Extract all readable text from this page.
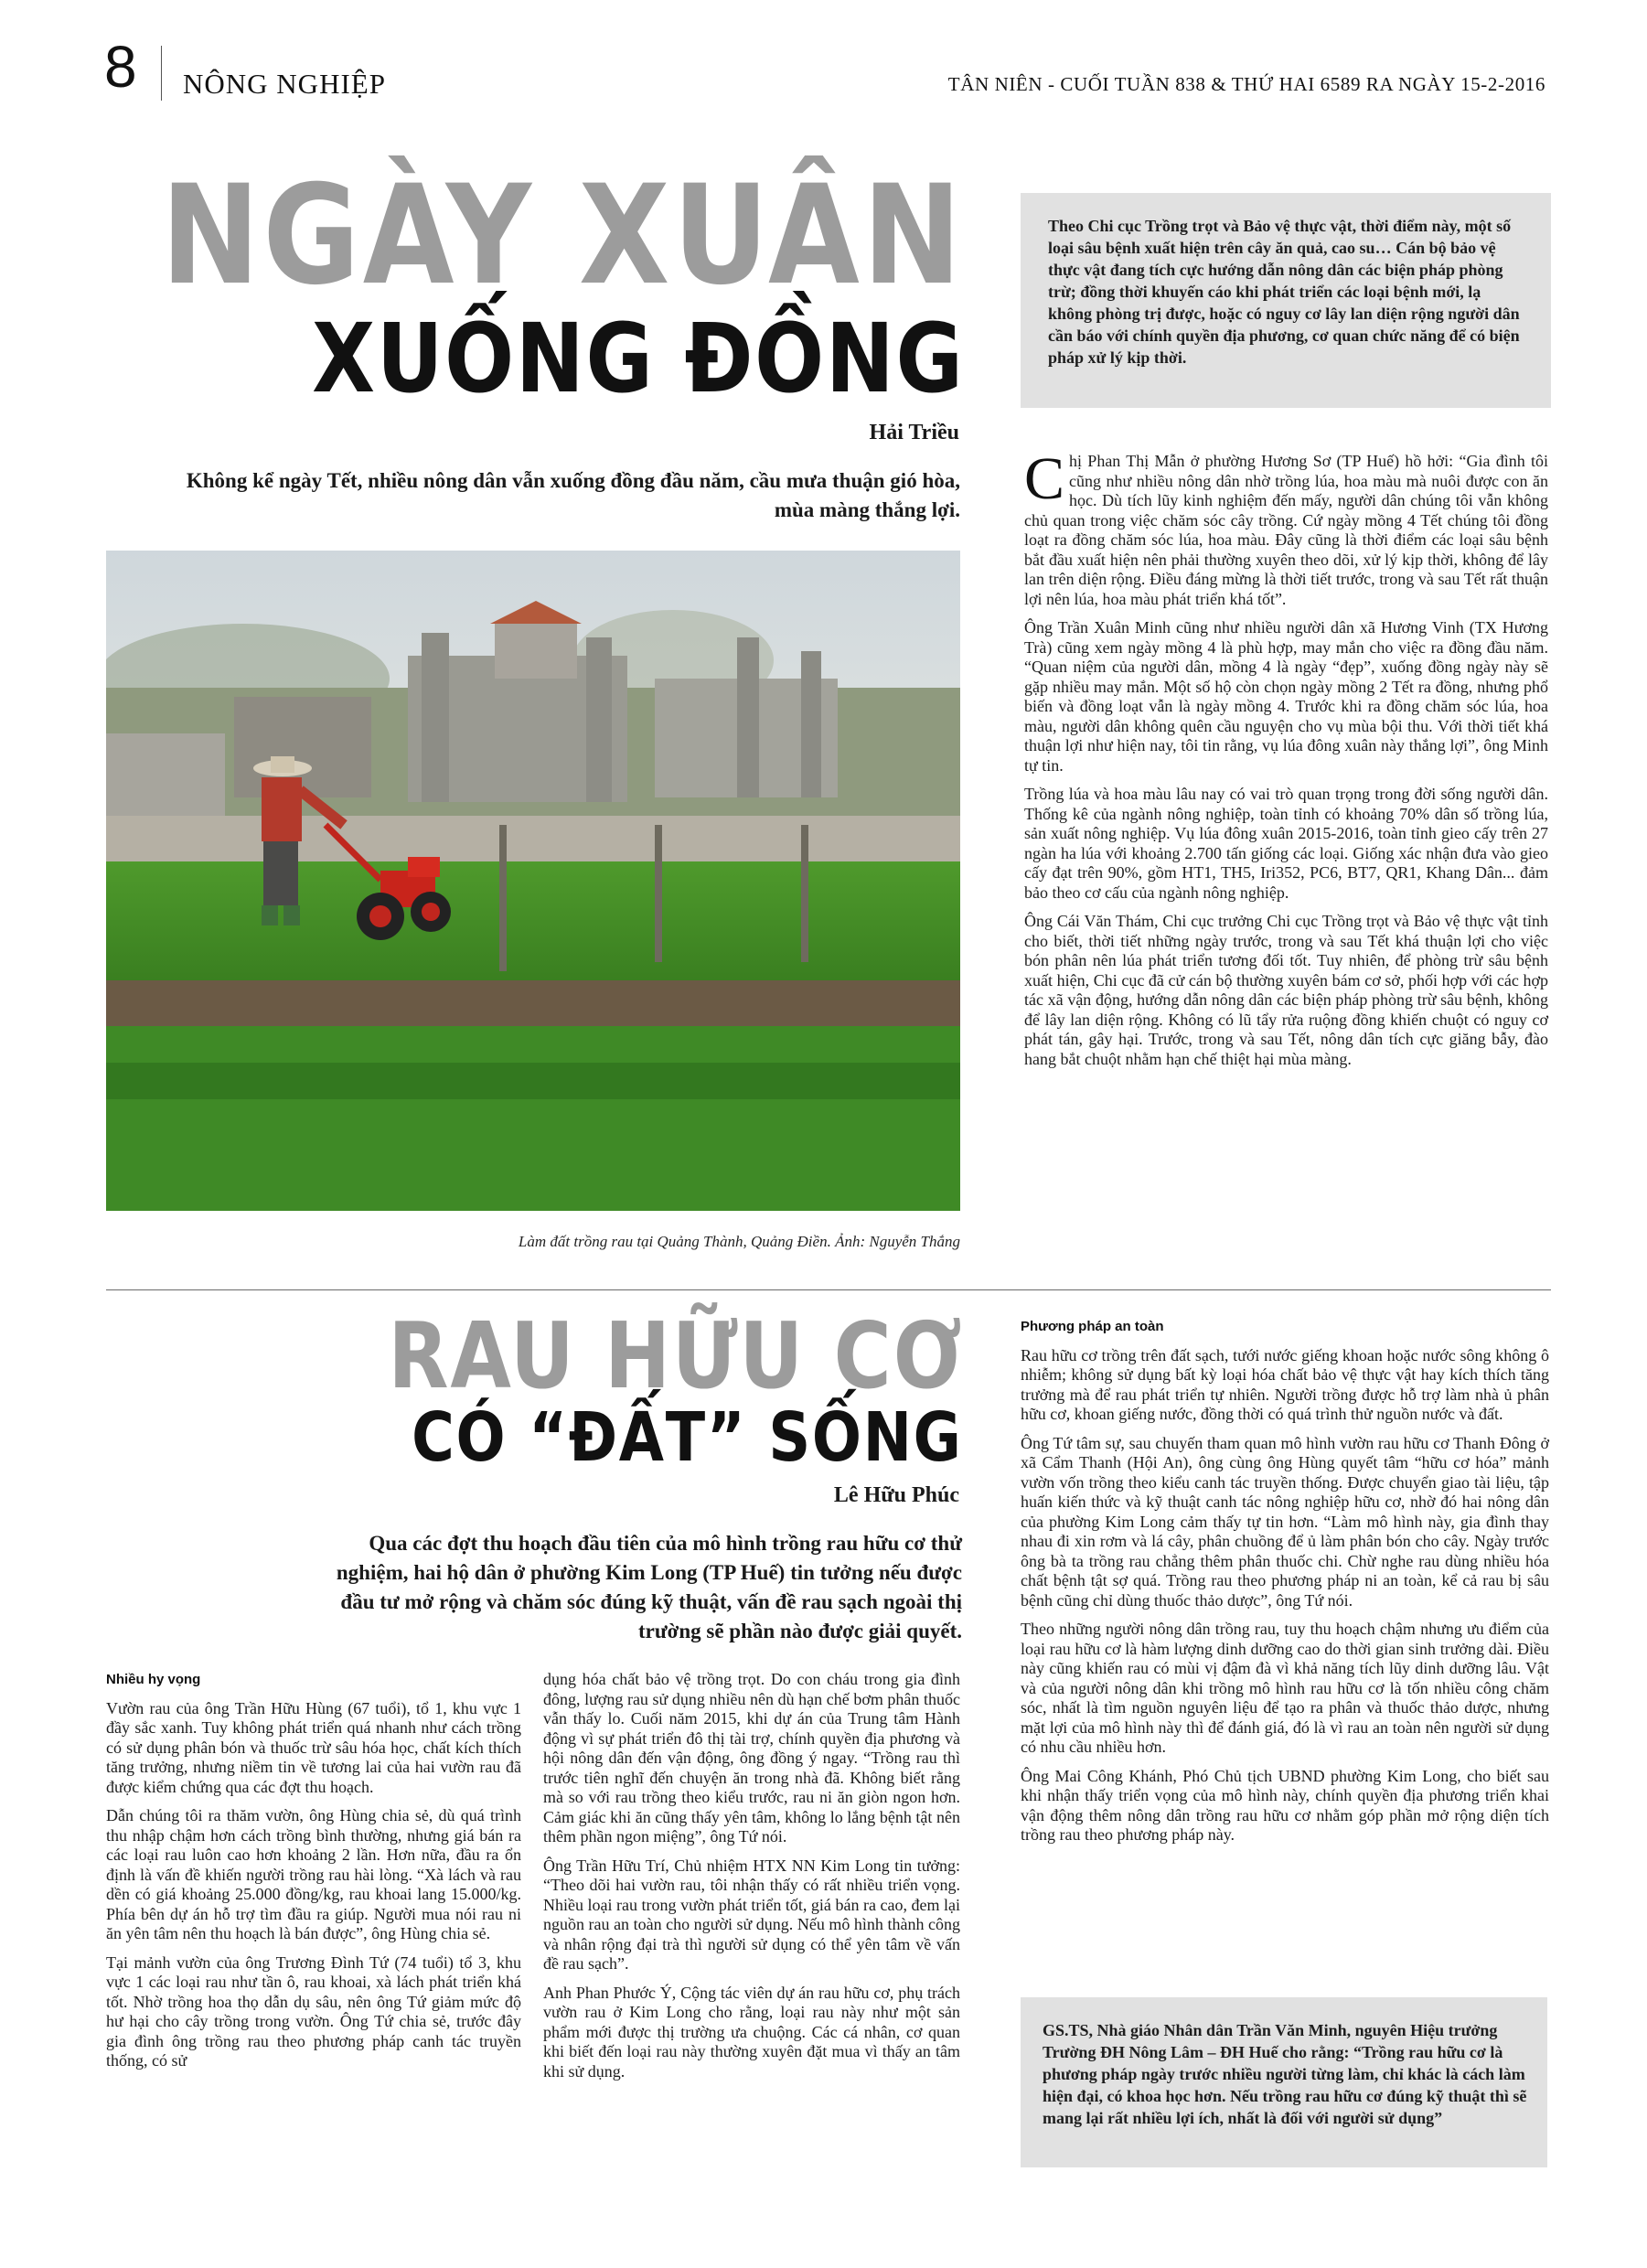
8 NÔNG NGHIỆP	TÂN NIÊN - CUỐI TUẦN 838 & THỨ HAI 6589 RA NGÀY 15-2-2016
NGÀY XUÂN
XUỐNG ĐỒNG
Hải Triều
Không kể ngày Tết, nhiều nông dân vẫn xuống đồng đầu năm, cầu mưa thuận gió hòa, mùa màng thắng lợi.
Làm đất trồng rau tại Quảng Thành, Quảng Điền. Ảnh: Nguyễn Thắng
Theo Chi cục Trồng trọt và Bảo vệ thực vật, thời điểm này, một số loại sâu bệnh xuất hiện trên cây ăn quả, cao su… Cán bộ bảo vệ thực vật đang tích cực hướng dẫn nông dân các biện pháp phòng trừ; đồng thời khuyến cáo khi phát triển các loại bệnh mới, lạ không phòng trị được, hoặc có nguy cơ lây lan diện rộng người dân cần báo với chính quyền địa phương, cơ quan chức năng để có biện pháp xử lý kịp thời.

Chị Phan Thị Mẫn ở phường Hương Sơ (TP Huế) hồ hởi: “Gia đình tôi cũng như nhiều nông dân nhờ trồng lúa, hoa màu mà nuôi được con ăn học. Dù tích lũy kinh nghiệm đến mấy, người dân chúng tôi vẫn không chủ quan trong việc chăm sóc cây trồng. Cứ ngày mồng 4 Tết chúng tôi đồng loạt ra đồng chăm sóc lúa, hoa màu. Đây cũng là thời điểm các loại sâu bệnh bắt đầu xuất hiện nên phải thường xuyên theo dõi, xử lý kịp thời, không để lây lan trên diện rộng. Điều đáng mừng là thời tiết trước, trong và sau Tết rất thuận lợi nên lúa, hoa màu phát triển khá tốt”.

Ông Trần Xuân Minh cũng như nhiều người dân xã Hương Vinh (TX Hương Trà) cũng xem ngày mồng 4 là phù hợp, may mắn cho việc ra đồng đầu năm. “Quan niệm của người dân, mồng 4 là ngày “đẹp”, xuống đồng ngày này sẽ gặp nhiều may mắn. Một số hộ còn chọn ngày mồng 2 Tết ra đồng, nhưng phổ biến và đồng loạt vẫn là ngày mồng 4. Trước khi ra đồng chăm sóc lúa, hoa màu, người dân không quên cầu nguyện cho vụ mùa bội thu. Với thời tiết khá thuận lợi như hiện nay, tôi tin rằng, vụ lúa đông xuân này thắng lợi”, ông Minh tự tin.

Trồng lúa và hoa màu lâu nay có vai trò quan trọng trong đời sống người dân. Thống kê của ngành nông nghiệp, toàn tỉnh có khoảng 70% dân số trồng lúa, sản xuất nông nghiệp. Vụ lúa đông xuân 2015-2016, toàn tỉnh gieo cấy trên 27 ngàn ha lúa với khoảng 2.700 tấn giống các loại. Giống xác nhận đưa vào gieo cấy đạt trên 90%, gồm HT1, TH5, Iri352, PC6, BT7, QR1, Khang Dân... đảm bảo theo cơ cấu của ngành nông nghiệp.

Ông Cái Văn Thám, Chi cục trưởng Chi cục Trồng trọt và Bảo vệ thực vật tỉnh cho biết, thời tiết những ngày trước, trong và sau Tết khá thuận lợi cho việc bón phân nên lúa phát triển tương đối tốt. Tuy nhiên, để phòng trừ sâu bệnh xuất hiện, Chi cục đã cử cán bộ thường xuyên bám cơ sở, phối hợp với các hợp tác xã vận động, hướng dẫn nông dân các biện pháp phòng trừ sâu bệnh, không để lây lan diện rộng. Không có lũ tẩy rửa ruộng đồng khiến chuột có nguy cơ phát tán, gây hại. Trước, trong và sau Tết, nông dân tích cực giăng bẫy, đào hang bắt chuột nhằm hạn chế thiệt hại mùa màng.

RAU HỮU CƠ
CÓ “ĐẤT” SỐNG
Lê Hữu Phúc
Qua các đợt thu hoạch đầu tiên của mô hình trồng rau hữu cơ thử nghiệm, hai hộ dân ở phường Kim Long (TP Huế) tin tưởng nếu được đầu tư mở rộng và chăm sóc đúng kỹ thuật, vấn đề rau sạch ngoài thị trường sẽ phần nào được giải quyết.

Nhiều hy vọng

Vườn rau của ông Trần Hữu Hùng (67 tuổi), tổ 1, khu vực 1 đầy sắc xanh. Tuy không phát triển quá nhanh như cách trồng có sử dụng phân bón và thuốc trừ sâu hóa học, chất kích thích tăng trưởng, nhưng niềm tin về tương lai của hai vườn rau đã được kiểm chứng qua các đợt thu hoạch.

Dẫn chúng tôi ra thăm vườn, ông Hùng chia sẻ, dù quá trình thu nhập chậm hơn cách trồng bình thường, nhưng giá bán ra các loại rau luôn cao hơn khoảng 2 lần. Hơn nữa, đầu ra ổn định là vấn đề khiến người trồng rau hài lòng. “Xà lách và rau dền có giá khoảng 25.000 đồng/kg, rau khoai lang 15.000/kg. Phía bên dự án hỗ trợ tìm đầu ra giúp. Người mua nói rau ni ăn yên tâm nên thu hoạch là bán được”, ông Hùng chia sẻ.

Tại mảnh vườn của ông Trương Đình Tứ (74 tuổi) tổ 3, khu vực 1 các loại rau như tần ô, rau khoai, xà lách phát triển khá tốt. Nhờ trồng hoa thọ dẫn dụ sâu, nên ông Tứ giảm mức độ hư hại cho cây trồng trong vườn. Ông Tứ chia sẻ, trước đây gia đình ông trồng rau theo phương pháp canh tác truyền thống, có sử

dụng hóa chất bảo vệ trồng trọt. Do con cháu trong gia đình đông, lượng rau sử dụng nhiều nên dù hạn chế bơm phân thuốc vẫn thấy lo. Cuối năm 2015, khi dự án của Trung tâm Hành động vì sự phát triển đô thị tài trợ, chính quyền địa phương và hội nông dân đến vận động, ông đồng ý ngay. “Trồng rau thì trước tiên nghĩ đến chuyện ăn trong nhà đã. Không biết rằng mà so với rau trồng theo kiểu trước, rau ni ăn giòn ngon hơn. Cảm giác khi ăn cũng thấy yên tâm, không lo lắng bệnh tật nên thêm phần ngon miệng”, ông Tứ nói.

Ông Trần Hữu Trí, Chủ nhiệm HTX NN Kim Long tin tưởng: “Theo dõi hai vườn rau, tôi nhận thấy có rất nhiều triển vọng. Nhiều loại rau trong vườn phát triển tốt, giá bán ra cao, đem lại nguồn rau an toàn cho người sử dụng. Nếu mô hình thành công và nhân rộng đại trà thì người sử dụng có thể yên tâm về vấn đề rau sạch”.

Anh Phan Phước Ý, Cộng tác viên dự án rau hữu cơ, phụ trách vườn rau ở Kim Long cho rằng, loại rau này như một sản phẩm mới được thị trường ưa chuộng. Các cá nhân, cơ quan khi biết đến loại rau này thường xuyên đặt mua vì thấy an tâm khi sử dụng.

Phương pháp an toàn

Rau hữu cơ trồng trên đất sạch, tưới nước giếng khoan hoặc nước sông không ô nhiễm; không sử dụng bất kỳ loại hóa chất bảo vệ thực vật hay kích thích tăng trưởng mà để rau phát triển tự nhiên. Người trồng được hỗ trợ làm nhà ủ phân hữu cơ, khoan giếng nước, đồng thời có quá trình thử nguồn nước và đất.

Ông Tứ tâm sự, sau chuyến tham quan mô hình vườn rau hữu cơ Thanh Đông ở xã Cẩm Thanh (Hội An), ông cùng ông Hùng quyết tâm “hữu cơ hóa” mảnh vườn vốn trồng theo kiểu canh tác truyền thống. Được chuyển giao tài liệu, tập huấn kiến thức và kỹ thuật canh tác nông nghiệp hữu cơ, nhờ đó hai nông dân của phường Kim Long cảm thấy tự tin hơn. “Làm mô hình này, gia đình thay nhau đi xin rơm và lá cây, phân chuồng để ủ làm phân bón cho cây. Ngày trước ông bà ta trồng rau chẳng thêm phân thuốc chi. Chừ nghe rau dùng nhiều hóa chất bệnh tật sợ quá. Trồng rau theo phương pháp ni an toàn, kể cả rau bị sâu bệnh cũng chỉ dùng thuốc thảo dược”, ông Tứ nói.

Theo những người nông dân trồng rau, tuy thu hoạch chậm nhưng ưu điểm của loại rau hữu cơ là hàm lượng dinh dưỡng cao do thời gian sinh trưởng dài. Điều này cũng khiến rau có mùi vị đậm đà vì khả năng tích lũy dinh dưỡng lâu. Vật và của người nông dân khi trồng mô hình rau hữu cơ là tốn nhiều công chăm sóc, nhất là tìm nguồn nguyên liệu để tạo ra phân và thuốc thảo dược, nhưng mặt lợi của mô hình này thì để đánh giá, đó là vì rau an toàn nên người sử dụng có nhu cầu nhiều hơn.

Ông Mai Công Khánh, Phó Chủ tịch UBND phường Kim Long, cho biết sau khi nhận thấy triển vọng của mô hình này, chính quyền địa phương triển khai vận động thêm nông dân trồng rau hữu cơ nhằm góp phần mở rộng diện tích trồng rau theo phương pháp này.

GS.TS, Nhà giáo Nhân dân Trần Văn Minh, nguyên Hiệu trưởng Trường ĐH Nông Lâm – ĐH Huế cho rằng: “Trồng rau hữu cơ là phương pháp ngày trước nhiều người từng làm, chỉ khác là cách làm hiện đại, có khoa học hơn. Nếu trồng rau hữu cơ đúng kỹ thuật thì sẽ mang lại rất nhiều lợi ích, nhất là đối với người sử dụng”
